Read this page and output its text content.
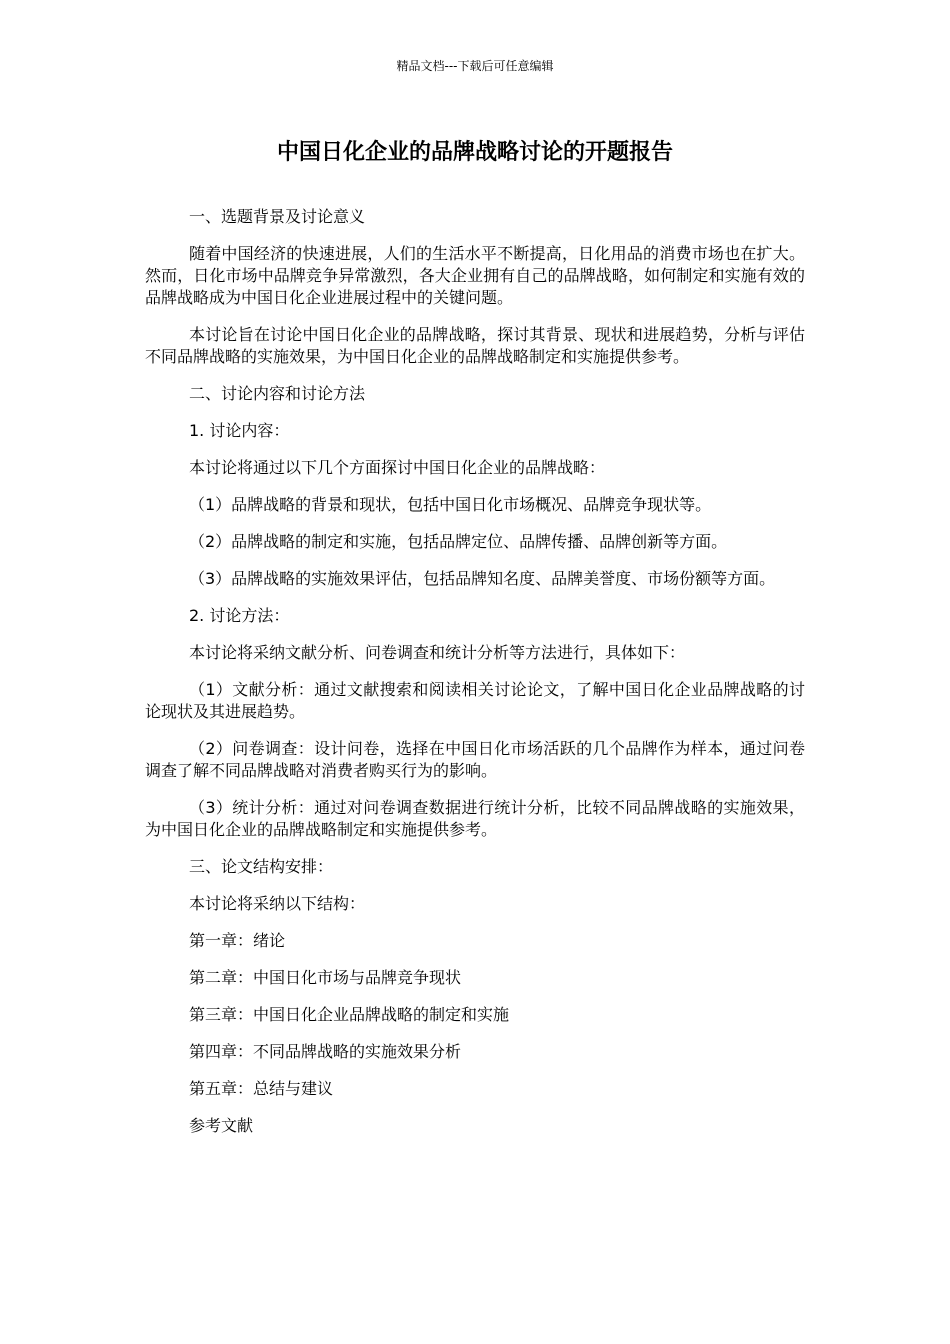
精品文档---下载后可任意编辑
中国日化企业的品牌战略讨论的开题报告

一、选题背景及讨论意义

随着中国经济的快速进展，人们的生活水平不断提高，日化用品的消费市场也在扩大。然而，日化市场中品牌竞争异常激烈，各大企业拥有自己的品牌战略，如何制定和实施有效的品牌战略成为中国日化企业进展过程中的关键问题。

本讨论旨在讨论中国日化企业的品牌战略，探讨其背景、现状和进展趋势，分析与评估不同品牌战略的实施效果，为中国日化企业的品牌战略制定和实施提供参考。

二、讨论内容和讨论方法

1. 讨论内容：

本讨论将通过以下几个方面探讨中国日化企业的品牌战略：

（1）品牌战略的背景和现状，包括中国日化市场概况、品牌竞争现状等。

（2）品牌战略的制定和实施，包括品牌定位、品牌传播、品牌创新等方面。

（3）品牌战略的实施效果评估，包括品牌知名度、品牌美誉度、市场份额等方面。

2. 讨论方法：

本讨论将采纳文献分析、问卷调查和统计分析等方法进行，具体如下：

（1）文献分析：通过文献搜索和阅读相关讨论论文，了解中国日化企业品牌战略的讨论现状及其进展趋势。

（2）问卷调查：设计问卷，选择在中国日化市场活跃的几个品牌作为样本，通过问卷调查了解不同品牌战略对消费者购买行为的影响。

（3）统计分析：通过对问卷调查数据进行统计分析，比较不同品牌战略的实施效果，为中国日化企业的品牌战略制定和实施提供参考。

三、论文结构安排：

本讨论将采纳以下结构：

第一章：绪论

第二章：中国日化市场与品牌竞争现状

第三章：中国日化企业品牌战略的制定和实施

第四章：不同品牌战略的实施效果分析

第五章：总结与建议

参考文献
